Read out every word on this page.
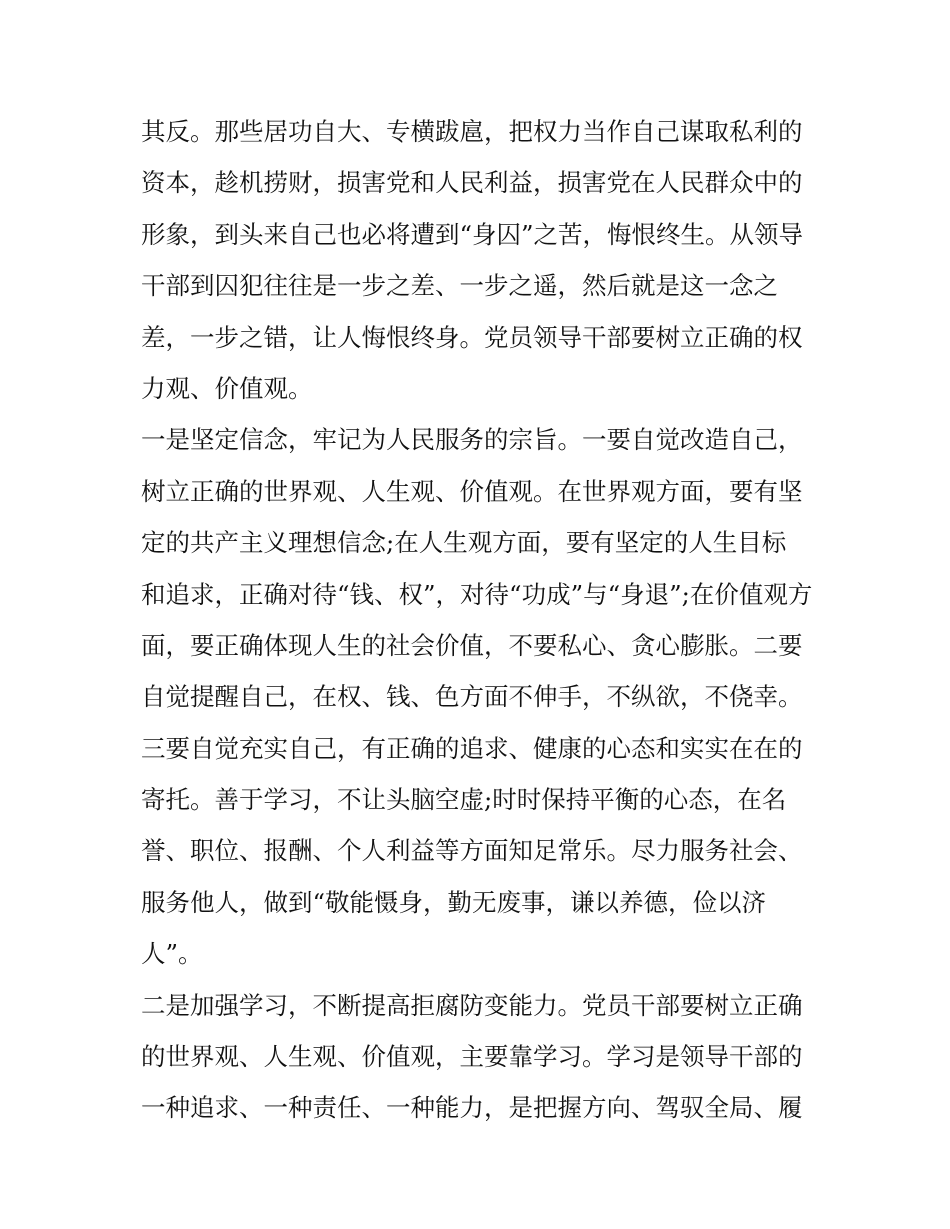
其反。那些居功自大、专横跋扈，把权力当作自己谋取私利的
资本，趁机捞财，损害党和人民利益，损害党在人民群众中的
形象，到头来自己也必将遭到“身囚”之苦，悔恨终生。从领导
干部到囚犯往往是一步之差、一步之遥，然后就是这一念之
差，一步之错，让人悔恨终身。党员领导干部要树立正确的权
力观、价值观。
一是坚定信念，牢记为人民服务的宗旨。一要自觉改造自己，
树立正确的世界观、人生观、价值观。在世界观方面，要有坚
定的共产主义理想信念;在人生观方面，要有坚定的人生目标
和追求，正确对待“钱、权”，对待“功成”与“身退”;在价值观方
面，要正确体现人生的社会价值，不要私心、贪心膨胀。二要
自觉提醒自己，在权、钱、色方面不伸手，不纵欲，不侥幸。
三要自觉充实自己，有正确的追求、健康的心态和实实在在的
寄托。善于学习，不让头脑空虚;时时保持平衡的心态，在名
誉、职位、报酬、个人利益等方面知足常乐。尽力服务社会、
服务他人，做到“敬能慑身，勤无废事，谦以养德，俭以济
人”。
二是加强学习，不断提高拒腐防变能力。党员干部要树立正确
的世界观、人生观、价值观，主要靠学习。学习是领导干部的
一种追求、一种责任、一种能力，是把握方向、驾驭全局、履
